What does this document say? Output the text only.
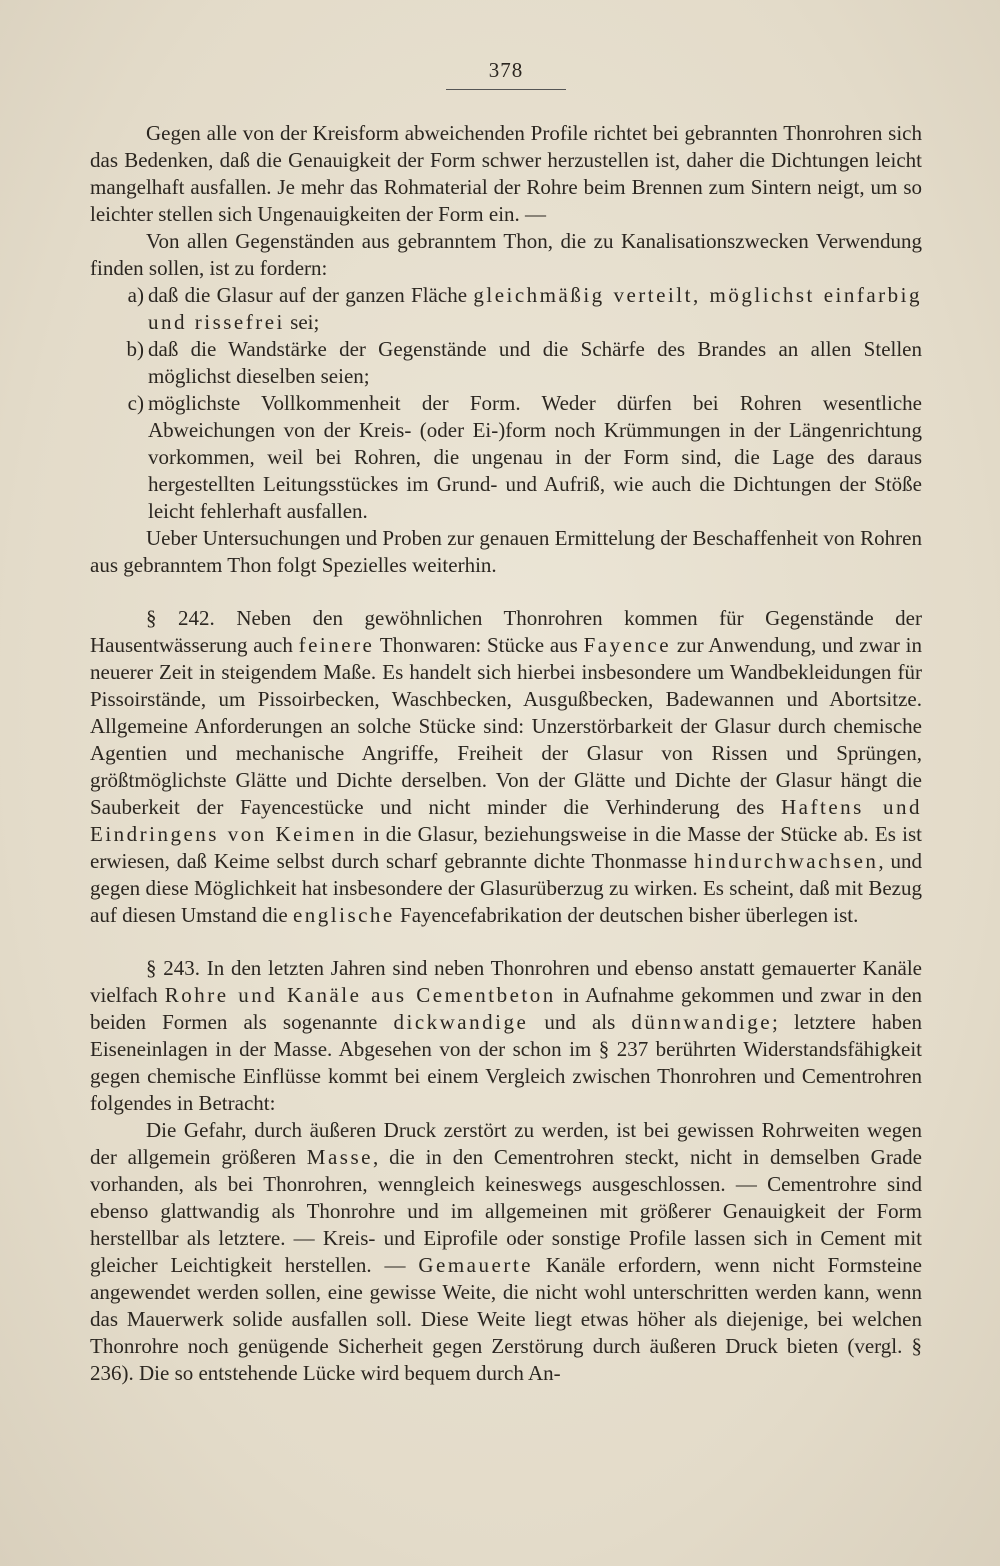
378

Gegen alle von der Kreisform abweichenden Profile richtet bei gebrannten Thonrohren sich das Bedenken, daß die Genauigkeit der Form schwer herzustellen ist, daher die Dichtungen leicht mangelhaft ausfallen. Je mehr das Rohmaterial der Rohre beim Brennen zum Sintern neigt, um so leichter stellen sich Ungenauigkeiten der Form ein. —

Von allen Gegenständen aus gebranntem Thon, die zu Kanalisationszwecken Verwendung finden sollen, ist zu fordern:

a) daß die Glasur auf der ganzen Fläche gleichmäßig verteilt, möglichst einfarbig und rissefrei sei;
b) daß die Wandstärke der Gegenstände und die Schärfe des Brandes an allen Stellen möglichst dieselben seien;
c) möglichste Vollkommenheit der Form. Weder dürfen bei Rohren wesentliche Abweichungen von der Kreis- (oder Ei-)form noch Krümmungen in der Längenrichtung vorkommen, weil bei Rohren, die ungenau in der Form sind, die Lage des daraus hergestellten Leitungsstückes im Grund- und Aufriß, wie auch die Dichtungen der Stöße leicht fehlerhaft ausfallen.

Ueber Untersuchungen und Proben zur genauen Ermittelung der Beschaffenheit von Rohren aus gebranntem Thon folgt Spezielles weiterhin.

§ 242. Neben den gewöhnlichen Thonrohren kommen für Gegenstände der Hausentwässerung auch feinere Thonwaren: Stücke aus Fayence zur Anwendung, und zwar in neuerer Zeit in steigendem Maße. Es handelt sich hierbei insbesondere um Wandbekleidungen für Pissoirstände, um Pissoirbecken, Waschbecken, Ausgußbecken, Badewannen und Abortsitze. Allgemeine Anforderungen an solche Stücke sind: Unzerstörbarkeit der Glasur durch chemische Agentien und mechanische Angriffe, Freiheit der Glasur von Rissen und Sprüngen, größtmöglichste Glätte und Dichte derselben. Von der Glätte und Dichte der Glasur hängt die Sauberkeit der Fayencestücke und nicht minder die Verhinderung des Haftens und Eindringens von Keimen in die Glasur, beziehungsweise in die Masse der Stücke ab. Es ist erwiesen, daß Keime selbst durch scharf gebrannte dichte Thonmasse hindurchwachsen, und gegen diese Möglichkeit hat insbesondere der Glasurüberzug zu wirken. Es scheint, daß mit Bezug auf diesen Umstand die englische Fayencefabrikation der deutschen bisher überlegen ist.

§ 243. In den letzten Jahren sind neben Thonrohren und ebenso anstatt gemauerter Kanäle vielfach Rohre und Kanäle aus Cementbeton in Aufnahme gekommen und zwar in den beiden Formen als sogenannte dickwandige und als dünnwandige; letztere haben Eiseneinlagen in der Masse. Abgesehen von der schon im § 237 berührten Widerstandsfähigkeit gegen chemische Einflüsse kommt bei einem Vergleich zwischen Thonrohren und Cementrohren folgendes in Betracht:

Die Gefahr, durch äußeren Druck zerstört zu werden, ist bei gewissen Rohrweiten wegen der allgemein größeren Masse, die in den Cementrohren steckt, nicht in demselben Grade vorhanden, als bei Thonrohren, wenngleich keineswegs ausgeschlossen. — Cementrohre sind ebenso glattwandig als Thonrohre und im allgemeinen mit größerer Genauigkeit der Form herstellbar als letztere. — Kreis- und Eiprofile oder sonstige Profile lassen sich in Cement mit gleicher Leichtigkeit herstellen. — Gemauerte Kanäle erfordern, wenn nicht Formsteine angewendet werden sollen, eine gewisse Weite, die nicht wohl unterschritten werden kann, wenn das Mauerwerk solide ausfallen soll. Diese Weite liegt etwas höher als diejenige, bei welchen Thonrohre noch genügende Sicherheit gegen Zerstörung durch äußeren Druck bieten (vergl. § 236). Die so entstehende Lücke wird bequem durch An-
